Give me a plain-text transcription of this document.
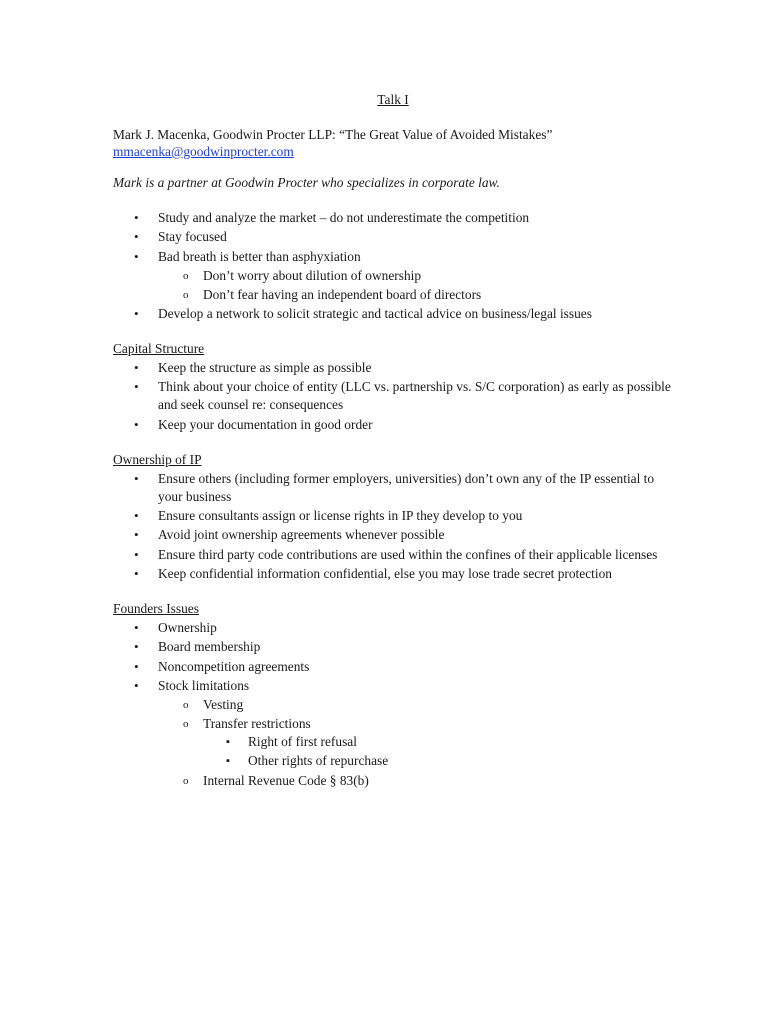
Talk I
Mark J. Macenka, Goodwin Procter LLP: “The Great Value of Avoided Mistakes”
mmacenka@goodwinprocter.com
Mark is a partner at Goodwin Procter who specializes in corporate law.
• Study and analyze the market – do not underestimate the competition
• Stay focused
• Bad breath is better than asphyxiation
o Don’t worry about dilution of ownership
o Don’t fear having an independent board of directors
• Develop a network to solicit strategic and tactical advice on business/legal issues
Capital Structure
• Keep the structure as simple as possible
• Think about your choice of entity (LLC vs. partnership vs. S/C corporation) as early as possible and seek counsel re: consequences
• Keep your documentation in good order
Ownership of IP
• Ensure others (including former employers, universities) don’t own any of the IP essential to your business
• Ensure consultants assign or license rights in IP they develop to you
• Avoid joint ownership agreements whenever possible
• Ensure third party code contributions are used within the confines of their applicable licenses
• Keep confidential information confidential, else you may lose trade secret protection
Founders Issues
• Ownership
• Board membership
• Noncompetition agreements
• Stock limitations
o Vesting
o Transfer restrictions
▪ Right of first refusal
▪ Other rights of repurchase
o Internal Revenue Code § 83(b)
